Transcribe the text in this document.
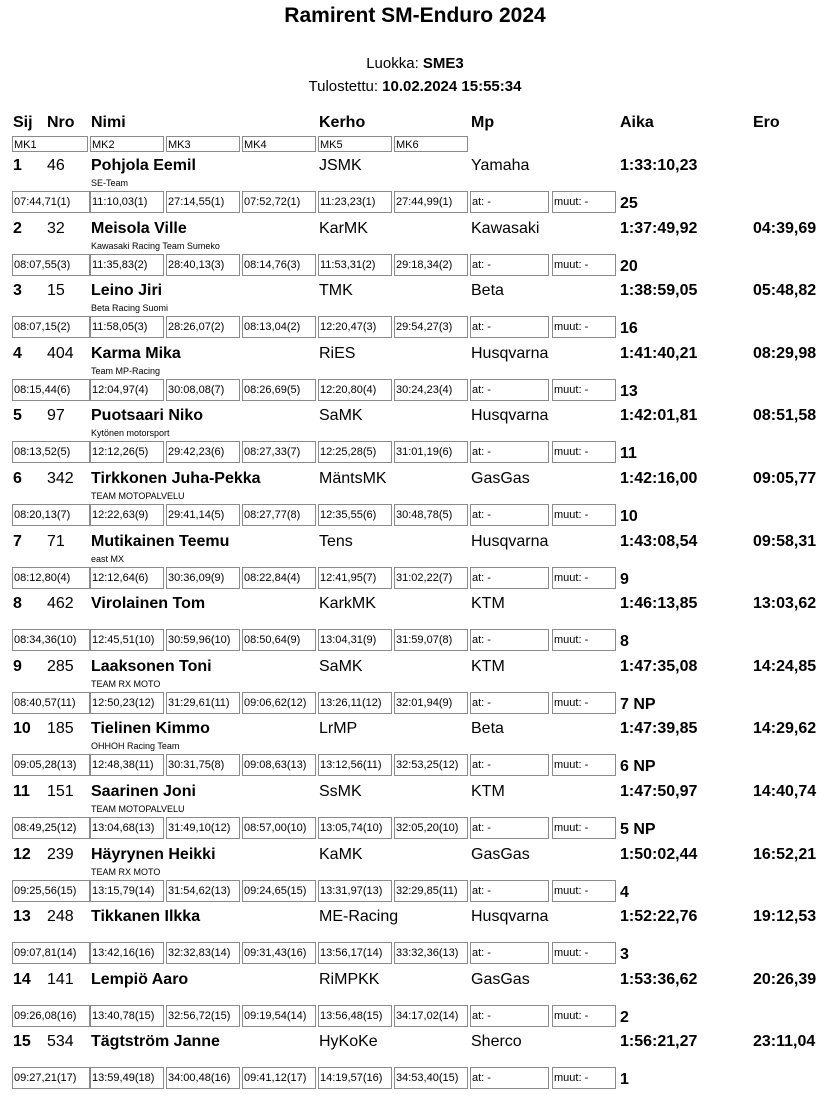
Ramirent SM-Enduro 2024
Luokka: SME3
Tulostettu: 10.02.2024 15:55:34
Sij Nro Nimi	Kerho	Mp	Aika	Ero
MK1	MK2	MK3	MK4	MK5	MK6
1 46 Pohjola Eemil	JSMK	Yamaha	1:33:10,23
SE-Team
07:44,71(1)	11:10,03(1)	27:14,55(1)	07:52,72(1)	11:23,23(1)	27:44,99(1)	at: -	muut: -	25
2 32 Meisola Ville	KarMK	Kawasaki	1:37:49,92	04:39,69
Kawasaki Racing Team Sumeko
08:07,55(3)	11:35,83(2)	28:40,13(3)	08:14,76(3)	11:53,31(2)	29:18,34(2)	at: -	muut: -	20
3 15 Leino Jiri	TMK	Beta	1:38:59,05	05:48,82
Beta Racing Suomi
08:07,15(2)	11:58,05(3)	28:26,07(2)	08:13,04(2)	12:20,47(3)	29:54,27(3)	at: -	muut: -	16
4 404 Karma Mika	RiES	Husqvarna	1:41:40,21	08:29,98
Team MP-Racing
08:15,44(6)	12:04,97(4)	30:08,08(7)	08:26,69(5)	12:20,80(4)	30:24,23(4)	at: -	muut: -	13
5 97 Puotsaari Niko	SaMK	Husqvarna	1:42:01,81	08:51,58
Kytönen motorsport
08:13,52(5)	12:12,26(5)	29:42,23(6)	08:27,33(7)	12:25,28(5)	31:01,19(6)	at: -	muut: -	11
6 342 Tirkkonen Juha-Pekka	MäntsMK	GasGas	1:42:16,00	09:05,77
TEAM MOTOPALVELU
08:20,13(7)	12:22,63(9)	29:41,14(5)	08:27,77(8)	12:35,55(6)	30:48,78(5)	at: -	muut: -	10
7 71 Mutikainen Teemu	Tens	Husqvarna	1:43:08,54	09:58,31
east MX
08:12,80(4)	12:12,64(6)	30:36,09(9)	08:22,84(4)	12:41,95(7)	31:02,22(7)	at: -	muut: -	9
8 462 Virolainen Tom	KarkMK	KTM	1:46:13,85	13:03,62
08:34,36(10)	12:45,51(10)	30:59,96(10)	08:50,64(9)	13:04,31(9)	31:59,07(8)	at: -	muut: -	8
9 285 Laaksonen Toni	SaMK	KTM	1:47:35,08	14:24,85
TEAM RX MOTO
08:40,57(11)	12:50,23(12)	31:29,61(11)	09:06,62(12)	13:26,11(12)	32:01,94(9)	at: -	muut: -	7 NP
10 185 Tielinen Kimmo	LrMP	Beta	1:47:39,85	14:29,62
OHHOH Racing Team
09:05,28(13)	12:48,38(11)	30:31,75(8)	09:08,63(13)	13:12,56(11)	32:53,25(12)	at: -	muut: -	6 NP
11 151 Saarinen Joni	SsMK	KTM	1:47:50,97	14:40,74
TEAM MOTOPALVELU
08:49,25(12)	13:04,68(13)	31:49,10(12)	08:57,00(10)	13:05,74(10)	32:05,20(10)	at: -	muut: -	5 NP
12 239 Häyrynen Heikki	KaMK	GasGas	1:50:02,44	16:52,21
TEAM RX MOTO
09:25,56(15)	13:15,79(14)	31:54,62(13)	09:24,65(15)	13:31,97(13)	32:29,85(11)	at: -	muut: -	4
13 248 Tikkanen Ilkka	ME-Racing	Husqvarna	1:52:22,76	19:12,53
09:07,81(14)	13:42,16(16)	32:32,83(14)	09:31,43(16)	13:56,17(14)	33:32,36(13)	at: -	muut: -	3
14 141 Lempiö Aaro	RiMPKK	GasGas	1:53:36,62	20:26,39
09:26,08(16)	13:40,78(15)	32:56,72(15)	09:19,54(14)	13:56,48(15)	34:17,02(14)	at: -	muut: -	2
15 534 Tägtström Janne	HyKoKe	Sherco	1:56:21,27	23:11,04
09:27,21(17)	13:59,49(18)	34:00,48(16)	09:41,12(17)	14:19,57(16)	34:53,40(15)	at: -	muut: -	1
